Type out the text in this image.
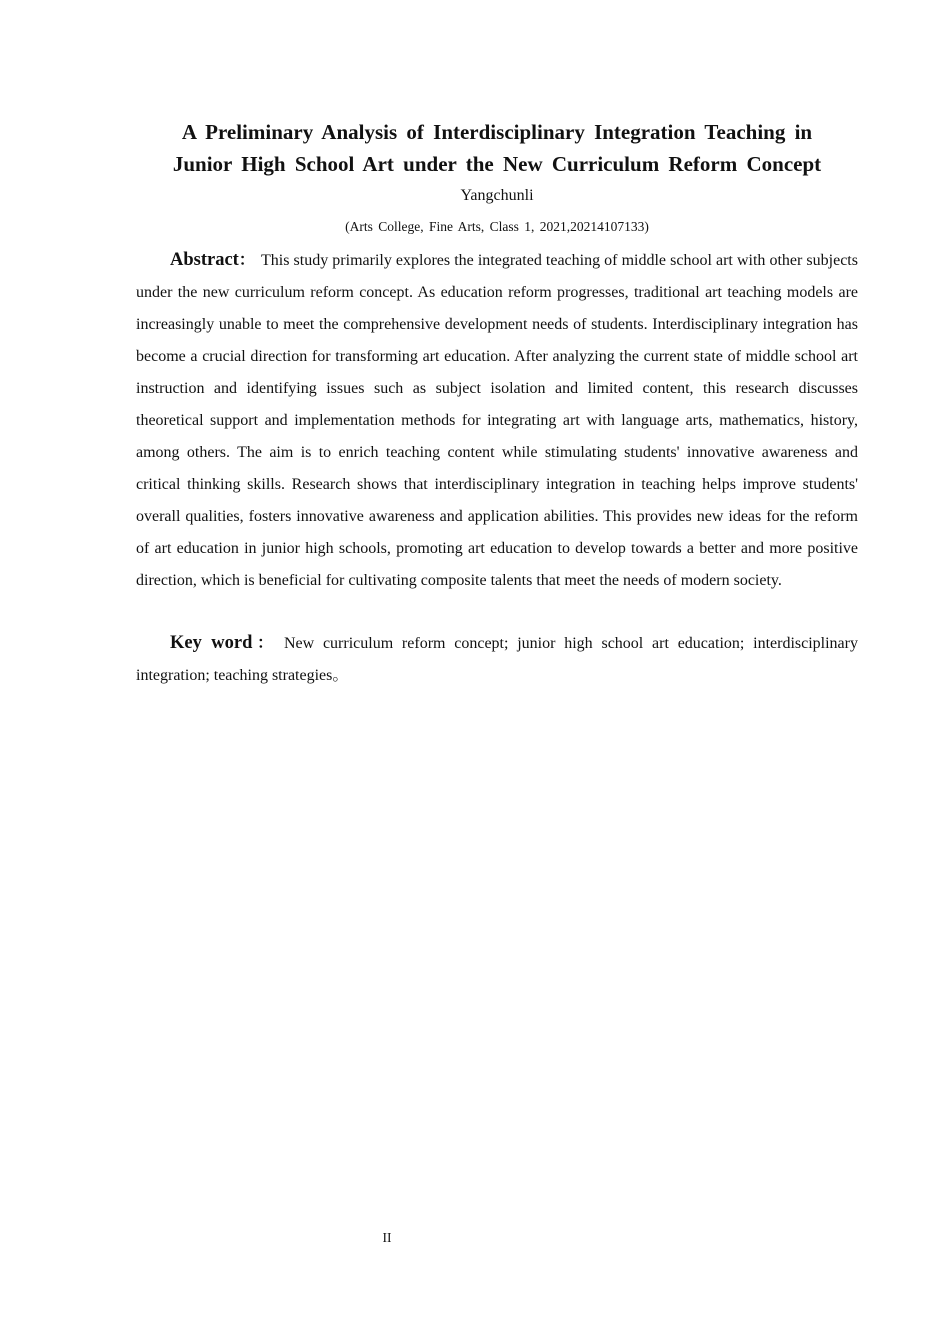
A Preliminary Analysis of Interdisciplinary Integration Teaching in
Junior High School Art under the New Curriculum Reform Concept
Yangchunli
(Arts College, Fine Arts, Class 1, 2021,20214107133)

Abstract： This study primarily explores the integrated teaching of middle school art with other subjects under the new curriculum reform concept. As education reform progresses, traditional art teaching models are increasingly unable to meet the comprehensive development needs of students. Interdisciplinary integration has become a crucial direction for transforming art education. After analyzing the current state of middle school art instruction and identifying issues such as subject isolation and limited content, this research discusses theoretical support and implementation methods for integrating art with language arts, mathematics, history, among others. The aim is to enrich teaching content while stimulating students' innovative awareness and critical thinking skills. Research shows that interdisciplinary integration in teaching helps improve students' overall qualities, fosters innovative awareness and application abilities. This provides new ideas for the reform of art education in junior high schools, promoting art education to develop towards a better and more positive direction, which is beneficial for cultivating composite talents that meet the needs of modern society.

Key word： New curriculum reform concept; junior high school art education; interdisciplinary integration; teaching strategies。

II
